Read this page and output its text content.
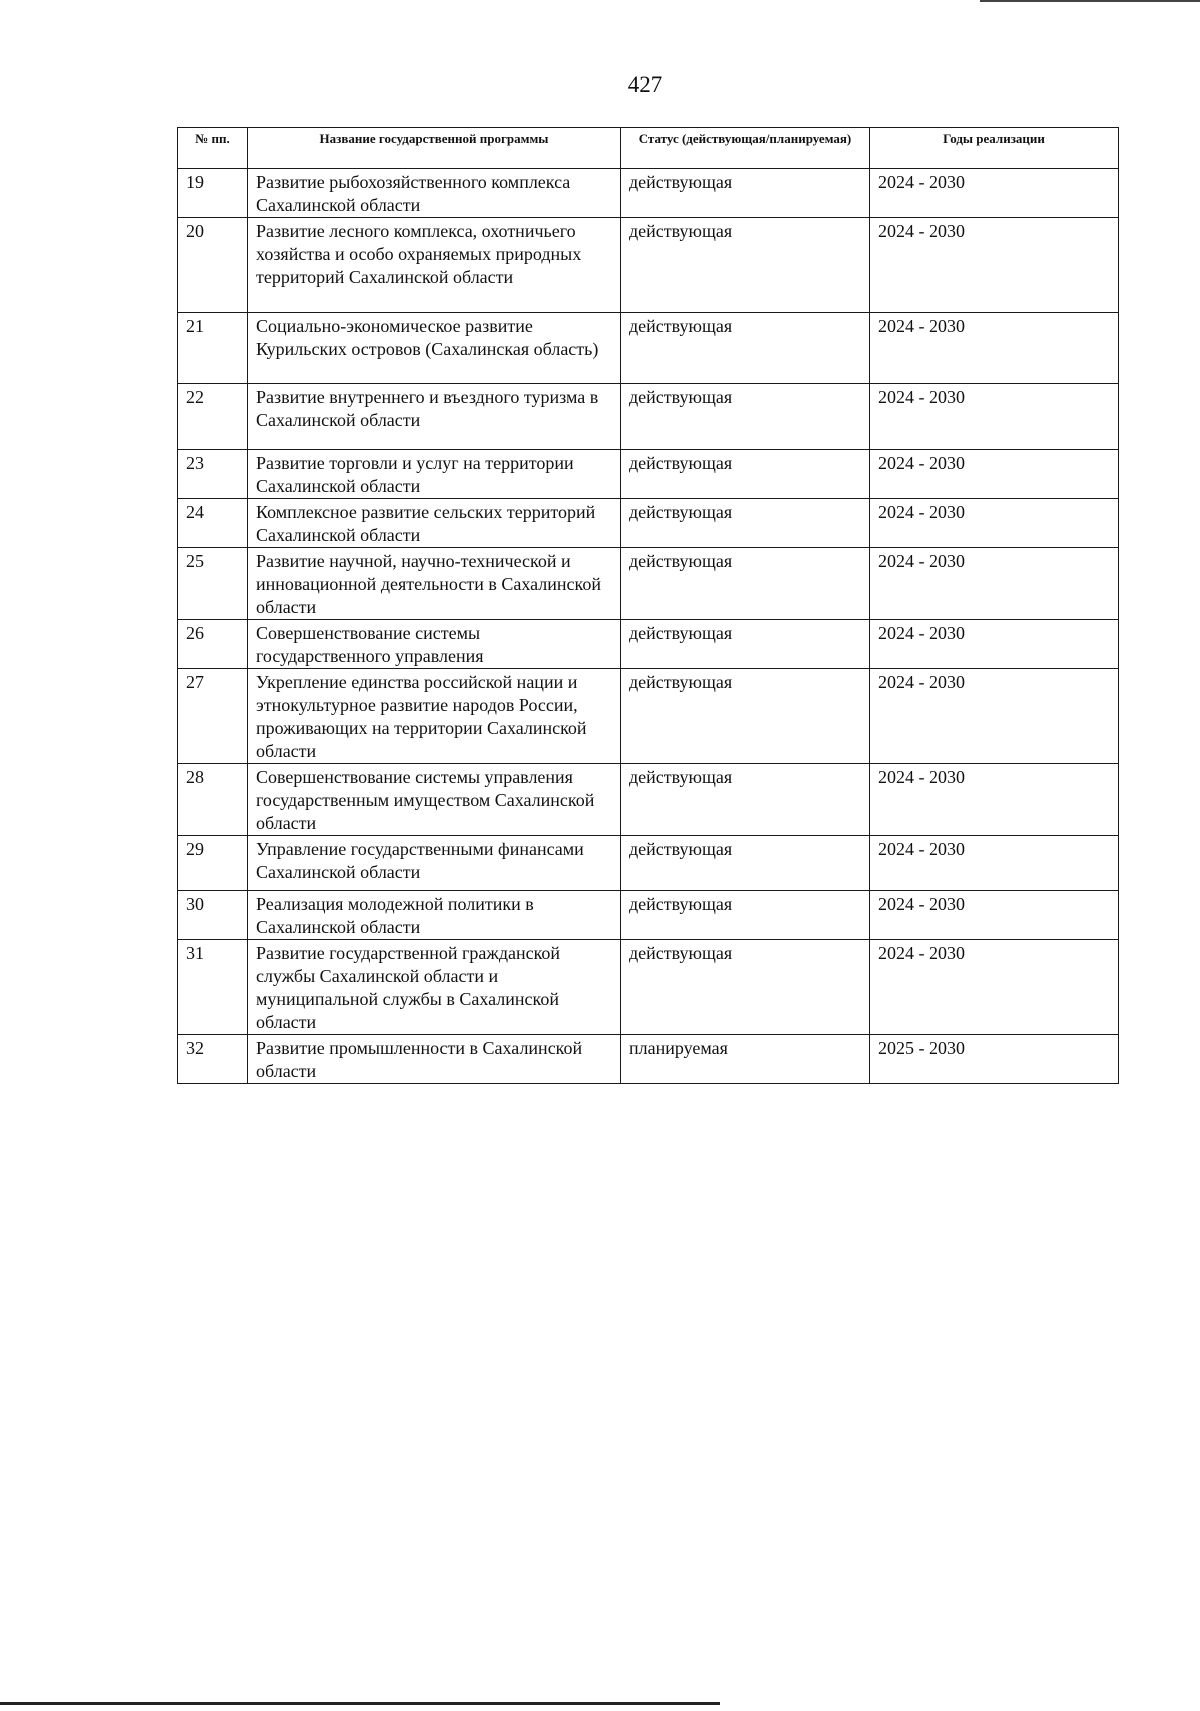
427
№ пп.	Название государственной программы	Статус (действующая/планируемая)	Годы реализации
19	Развитие рыбохозяйственного комплекса Сахалинской области	действующая	2024 - 2030
20	Развитие лесного комплекса, охотничьего хозяйства и особо охраняемых природных территорий Сахалинской области	действующая	2024 - 2030
21	Социально-экономическое развитие Курильских островов (Сахалинская область)	действующая	2024 - 2030
22	Развитие внутреннего и въездного туризма в Сахалинской области	действующая	2024 - 2030
23	Развитие торговли и услуг на территории Сахалинской области	действующая	2024 - 2030
24	Комплексное развитие сельских территорий Сахалинской области	действующая	2024 - 2030
25	Развитие научной, научно-технической и инновационной деятельности в Сахалинской области	действующая	2024 - 2030
26	Совершенствование системы государственного управления	действующая	2024 - 2030
27	Укрепление единства российской нации и этнокультурное развитие народов России, проживающих на территории Сахалинской области	действующая	2024 - 2030
28	Совершенствование системы управления государственным имуществом Сахалинской области	действующая	2024 - 2030
29	Управление государственными финансами Сахалинской области	действующая	2024 - 2030
30	Реализация молодежной политики в Сахалинской области	действующая	2024 - 2030
31	Развитие государственной гражданской службы Сахалинской области и муниципальной службы в Сахалинской области	действующая	2024 - 2030
32	Развитие промышленности в Сахалинской области	планируемая	2025 - 2030
